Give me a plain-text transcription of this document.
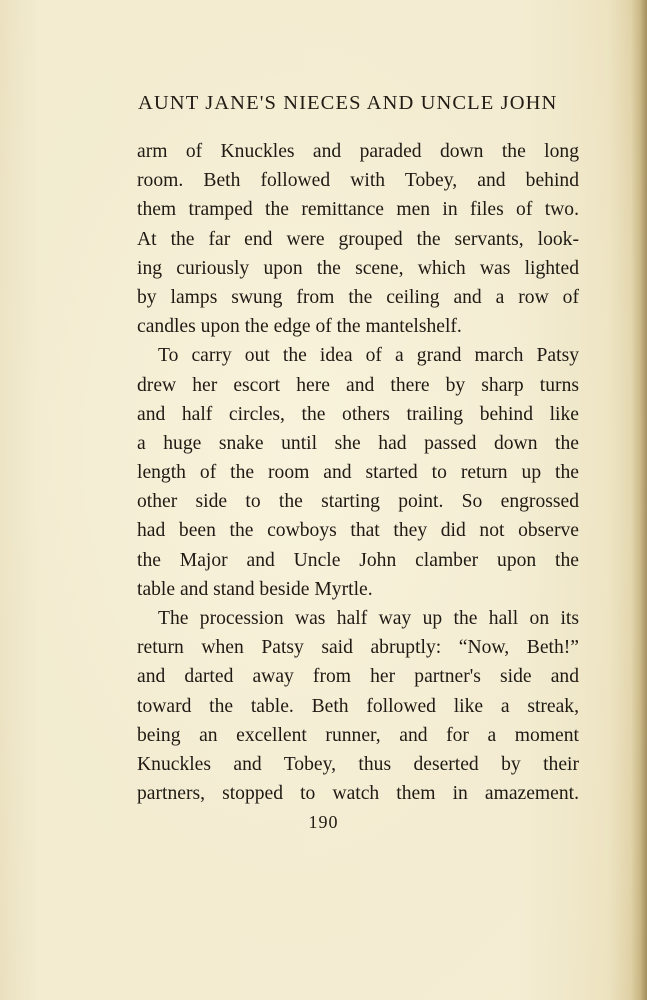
AUNT JANE'S NIECES AND UNCLE JOHN
arm of Knuckles and paraded down the long
room. Beth followed with Tobey, and behind
them tramped the remittance men in files of two.
At the far end were grouped the servants, look-
ing curiously upon the scene, which was lighted
by lamps swung from the ceiling and a row of
candles upon the edge of the mantelshelf.
To carry out the idea of a grand march Patsy
drew her escort here and there by sharp turns
and half circles, the others trailing behind like
a huge snake until she had passed down the
length of the room and started to return up the
other side to the starting point. So engrossed
had been the cowboys that they did not observe
the Major and Uncle John clamber upon the
table and stand beside Myrtle.
The procession was half way up the hall on its
return when Patsy said abruptly: “Now, Beth!”
and darted away from her partner's side and
toward the table. Beth followed like a streak,
being an excellent runner, and for a moment
Knuckles and Tobey, thus deserted by their
partners, stopped to watch them in amazement.
190
